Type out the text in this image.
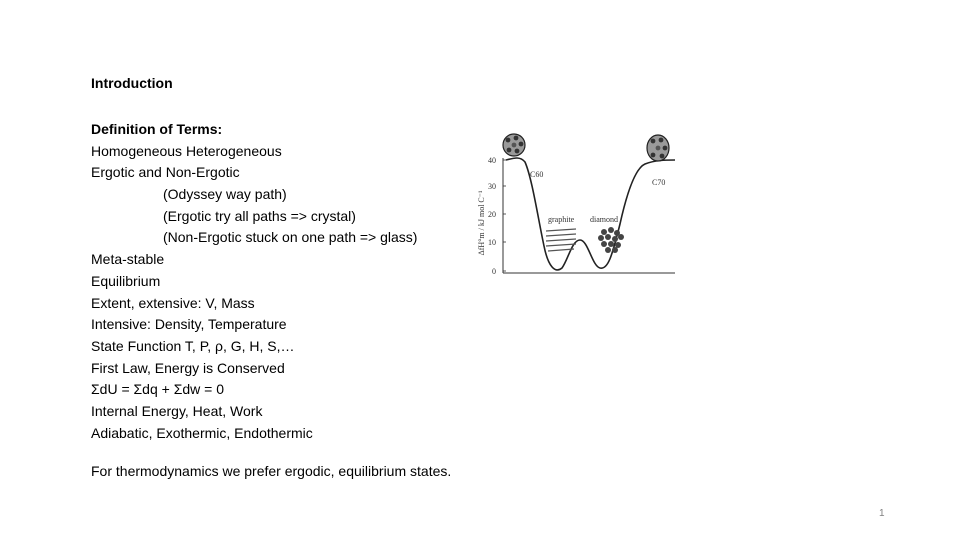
Introduction
Definition of Terms:
Homogeneous Heterogeneous
Ergotic and Non-Ergotic
(Odyssey way path)
(Ergotic try all paths => crystal)
(Non-Ergotic stuck on one path => glass)
Meta-stable
Equilibrium
Extent, extensive: V, Mass
Intensive: Density, Temperature
State Function T, P, ρ, G, H, S,…
First Law, Energy is Conserved
ΣdU = Σdq + Σdw = 0
Internal Energy, Heat, Work
Adiabatic, Exothermic, Endothermic

For thermodynamics we prefer ergodic, equilibrium states.

1
ΔfH°m / kJ mol C⁻¹
0
10
20
30
40
C60
C70
graphite diamond
